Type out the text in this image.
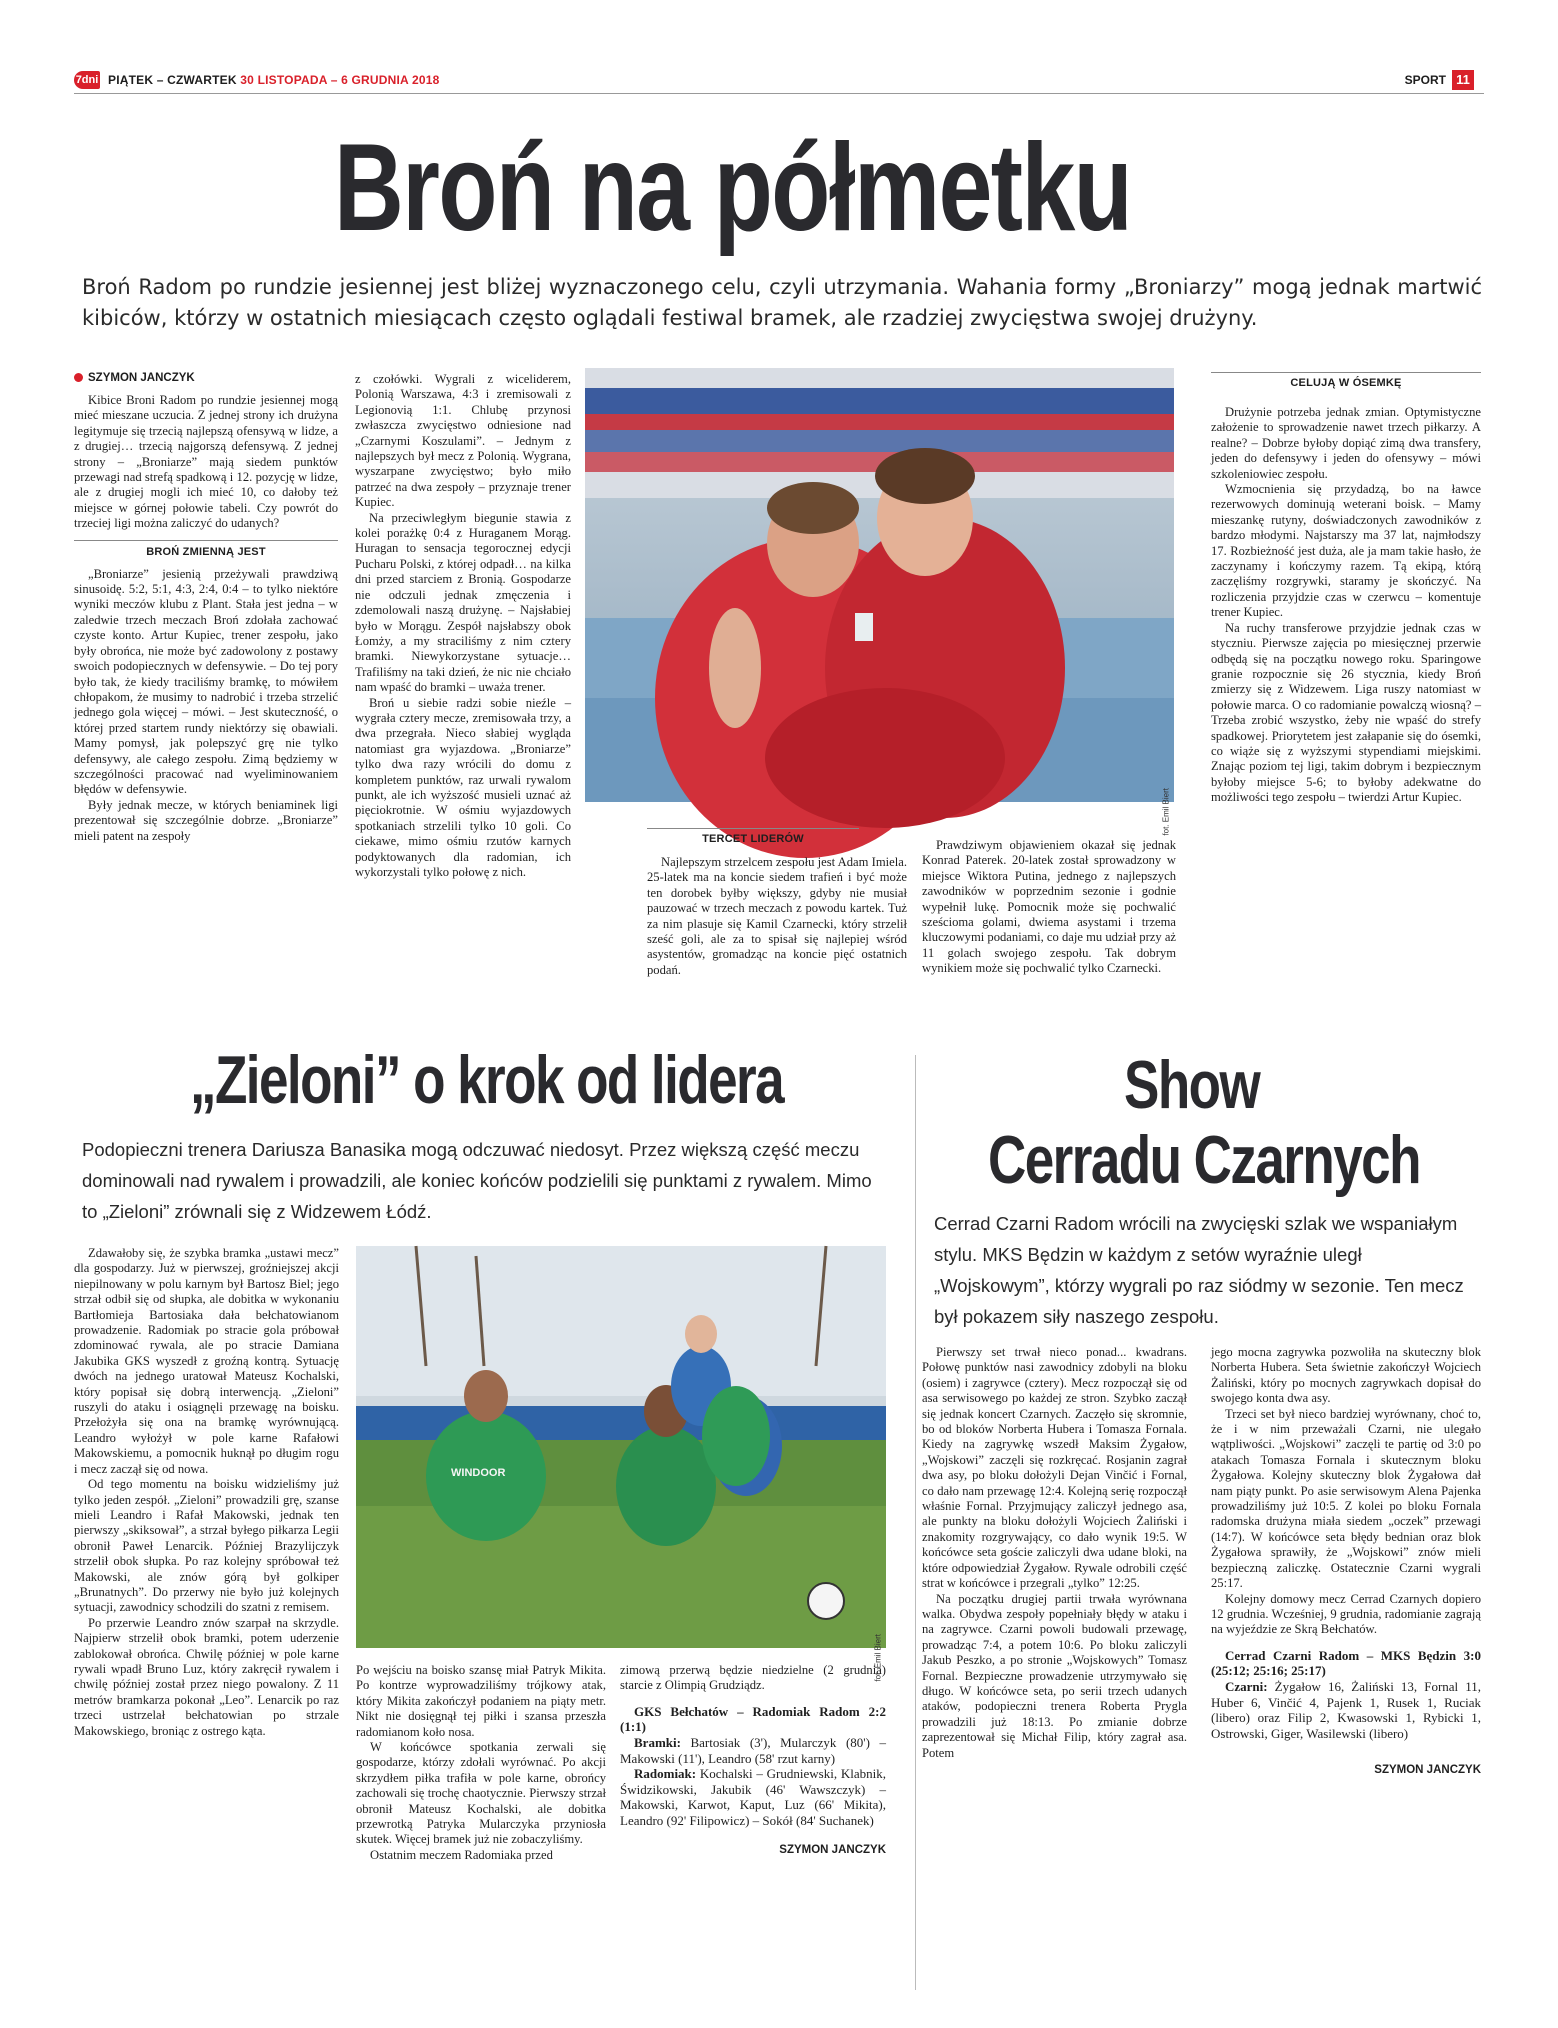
7dni PIĄTEK – CZWARTEK 30 LISTOPADA – 6 GRUDNIA 2018	SPORT 11
Broń na półmetku
Broń Radom po rundzie jesiennej jest bliżej wyznaczonego celu, czyli utrzymania. Wahania formy „Broniarzy” mogą jednak martwić kibiców, którzy w ostatnich miesiącach często oglądali festiwal bramek, ale rzadziej zwycięstwa swojej drużyny.
SZYMON JANCZYK

Kibice Broni Radom po rundzie jesiennej mogą mieć mieszane uczucia. Z jednej strony ich drużyna legitymuje się trzecią najlepszą ofensywą w lidze, a z drugiej… trzecią najgorszą defensywą. Z jednej strony – „Broniarze” mają siedem punktów przewagi nad strefą spadkową i 12. pozycję w lidze, ale z drugiej mogli ich mieć 10, co dałoby też miejsce w górnej połowie tabeli. Czy powrót do trzeciej ligi można zaliczyć do udanych?

BROŃ ZMIENNĄ JEST

„Broniarze” jesienią przeżywali prawdziwą sinusoidę. 5:2, 5:1, 4:3, 2:4, 0:4 – to tylko niektóre wyniki meczów klubu z Plant. Stała jest jedna – w zaledwie trzech meczach Broń zdołała zachować czyste konto. Artur Kupiec, trener zespołu, jako były obrońca, nie może być zadowolony z postawy swoich podopiecznych w defensywie. – Do tej pory było tak, że kiedy traciliśmy bramkę, to mówiłem chłopakom, że musimy to nadrobić i trzeba strzelić jednego gola więcej – mówi. – Jest skuteczność, o której przed startem rundy niektórzy się obawiali. Mamy pomysł, jak polepszyć grę nie tylko defensywy, ale całego zespołu. Zimą będziemy w szczególności pracować nad wyeliminowaniem błędów w defensywie.

Były jednak mecze, w których beniaminek ligi prezentował się szczególnie dobrze. „Broniarze” mieli patent na zespoły

z czołówki. Wygrali z wiceliderem, Polonią Warszawa, 4:3 i zremisowali z Legionovią 1:1. Chlubę przynosi zwłaszcza zwycięstwo odniesione nad „Czarnymi Koszulami”. – Jednym z najlepszych był mecz z Polonią. Wygrana, wyszarpane zwycięstwo; było miło patrzeć na dwa zespoły – przyznaje trener Kupiec.

Na przeciwległym biegunie stawia z kolei porażkę 0:4 z Huraganem Morąg. Huragan to sensacja tegorocznej edycji Pucharu Polski, z której odpadł… na kilka dni przed starciem z Bronią. Gospodarze nie odczuli jednak zmęczenia i zdemolowali naszą drużynę. – Najsłabiej było w Morągu. Zespół najsłabszy obok Łomży, a my straciliśmy z nim cztery bramki. Niewykorzystane sytuacje… Trafiliśmy na taki dzień, że nic nie chciało nam wpaść do bramki – uważa trener.

Broń u siebie radzi sobie nieźle – wygrała cztery mecze, zremisowała trzy, a dwa przegrała. Nieco słabiej wygląda natomiast gra wyjazdowa. „Broniarze” tylko dwa razy wrócili do domu z kompletem punktów, raz urwali rywalom punkt, ale ich wyższość musieli uznać aż pięciokrotnie. W ośmiu wyjazdowych spotkaniach strzelili tylko 10 goli. Co ciekawe, mimo ośmiu rzutów karnych podyktowanych dla radomian, ich wykorzystali tylko połowę z nich.

fot. Emil Biert
TERCET LIDERÓW

Najlepszym strzelcem zespołu jest Adam Imiela. 25-latek ma na koncie siedem trafień i być może ten dorobek byłby większy, gdyby nie musiał pauzować w trzech meczach z powodu kartek. Tuż za nim plasuje się Kamil Czarnecki, który strzelił sześć goli, ale za to spisał się najlepiej wśród asystentów, gromadząc na koncie pięć ostatnich podań.

Prawdziwym objawieniem okazał się jednak Konrad Paterek. 20-latek został sprowadzony w miejsce Wiktora Putina, jednego z najlepszych zawodników w poprzednim sezonie i godnie wypełnił lukę. Pomocnik może się pochwalić sześcioma golami, dwiema asystami i trzema kluczowymi podaniami, co daje mu udział przy aż 11 golach swojego zespołu. Tak dobrym wynikiem może się pochwalić tylko Czarnecki.

CELUJĄ W ÓSEMKĘ

Drużynie potrzeba jednak zmian. Optymistyczne założenie to sprowadzenie nawet trzech piłkarzy. A realne? – Dobrze byłoby dopiąć zimą dwa transfery, jeden do defensywy i jeden do ofensywy – mówi szkoleniowiec zespołu.

Wzmocnienia się przydadzą, bo na ławce rezerwowych dominują weterani boisk. – Mamy mieszankę rutyny, doświadczonych zawodników z bardzo młodymi. Najstarszy ma 37 lat, najmłodszy 17. Rozbieżność jest duża, ale ja mam takie hasło, że zaczynamy i kończymy razem. Tą ekipą, którą zaczęliśmy rozgrywki, staramy je skończyć. Na rozliczenia przyjdzie czas w czerwcu – komentuje trener Kupiec.

Na ruchy transferowe przyjdzie jednak czas w styczniu. Pierwsze zajęcia po miesięcznej przerwie odbędą się na początku nowego roku. Sparingowe granie rozpocznie się 26 stycznia, kiedy Broń zmierzy się z Widzewem. Liga ruszy natomiast w połowie marca. O co radomianie powalczą wiosną? – Trzeba zrobić wszystko, żeby nie wpaść do strefy spadkowej. Priorytetem jest załapanie się do ósemki, co wiąże się z wyższymi stypendiami miejskimi. Znając poziom tej ligi, takim dobrym i bezpiecznym byłoby miejsce 5-6; to byłoby adekwatne do możliwości tego zespołu – twierdzi Artur Kupiec.

„Zieloni” o krok od lidera
Podopieczni trenera Dariusza Banasika mogą odczuwać niedosyt. Przez większą część meczu dominowali nad rywalem i prowadzili, ale koniec końców podzielili się punktami z rywalem. Mimo to „Zieloni” zrównali się z Widzewem Łódź.

Zdawałoby się, że szybka bramka „ustawi mecz” dla gospodarzy. Już w pierwszej, groźniejszej akcji niepilnowany w polu karnym był Bartosz Biel; jego strzał odbił się od słupka, ale dobitka w wykonaniu Bartłomieja Bartosiaka dała bełchatowianom prowadzenie. Radomiak po stracie gola próbował zdominować rywala, ale po stracie Damiana Jakubika GKS wyszedł z groźną kontrą. Sytuację dwóch na jednego uratował Mateusz Kochalski, który popisał się dobrą interwencją. „Zieloni” ruszyli do ataku i osiągnęli przewagę na boisku. Przełożyła się ona na bramkę wyrównującą. Leandro wyłożył w pole karne Rafałowi Makowskiemu, a pomocnik huknął po długim rogu i mecz zaczął się od nowa.

Od tego momentu na boisku widzieliśmy już tylko jeden zespół. „Zieloni” prowadzili grę, szanse mieli Leandro i Rafał Makowski, jednak ten pierwszy „skiksował”, a strzał byłego piłkarza Legii obronił Paweł Lenarcik. Później Brazylijczyk strzelił obok słupka. Po raz kolejny spróbował też Makowski, ale znów górą był golkiper „Brunatnych”. Do przerwy nie było już kolejnych sytuacji, zawodnicy schodzili do szatni z remisem.

Po przerwie Leandro znów szarpał na skrzydle. Najpierw strzelił obok bramki, potem uderzenie zablokował obrońca. Chwilę później w pole karne rywali wpadł Bruno Luz, który zakręcił rywalem i chwilę później został przez niego powalony. Z 11 metrów bramkarza pokonał „Leo”. Lenarcik po raz trzeci ustrzelał bełchatowian po strzale Makowskiego, broniąc z ostrego kąta.

WINDOOR
fot. Emil Biert

Po wejściu na boisko szansę miał Patryk Mikita. Po kontrze wyprowadziliśmy trójkowy atak, który Mikita zakończył podaniem na piąty metr. Nikt nie dosięgnął tej piłki i szansa przeszła radomianom koło nosa.

W końcówce spotkania zerwali się gospodarze, którzy zdołali wyrównać. Po akcji skrzydłem piłka trafiła w pole karne, obrońcy zachowali się trochę chaotycznie. Pierwszy strzał obronił Mateusz Kochalski, ale dobitka przewrotką Patryka Mularczyka przyniosła skutek. Więcej bramek już nie zobaczyliśmy.

Ostatnim meczem Radomiaka przed

zimową przerwą będzie niedzielne (2 grudnia) starcie z Olimpią Grudziądz.

GKS Bełchatów – Radomiak Radom 2:2 (1:1)
Bramki: Bartosiak (3'), Mularczyk (80') – Makowski (11'), Leandro (58' rzut karny)
Radomiak: Kochalski – Grudniewski, Klabnik, Świdzikowski, Jakubik (46' Wawszczyk) – Makowski, Karwot, Kaput, Luz (66' Mikita), Leandro (92' Filipowicz) – Sokół (84' Suchanek)
SZYMON JANCZYK
Show
Cerradu Czarnych
Cerrad Czarni Radom wrócili na zwycięski szlak we wspaniałym stylu. MKS Będzin w każdym z setów wyraźnie uległ „Wojskowym”, którzy wygrali po raz siódmy w sezonie. Ten mecz był pokazem siły naszego zespołu.

Pierwszy set trwał nieco ponad... kwadrans. Połowę punktów nasi zawodnicy zdobyli na bloku (osiem) i zagrywce (cztery). Mecz rozpoczął się od asa serwisowego po każdej ze stron. Szybko zaczął się jednak koncert Czarnych. Zaczęło się skromnie, bo od bloków Norberta Hubera i Tomasza Fornala. Kiedy na zagrywkę wszedł Maksim Żygałow, „Wojskowi” zaczęli się rozkręcać. Rosjanin zagrał dwa asy, po bloku dołożyli Dejan Vinčić i Fornal, co dało nam przewagę 12:4. Kolejną serię rozpoczął właśnie Fornal. Przyjmujący zaliczył jednego asa, ale punkty na bloku dołożyli Wojciech Żaliński i znakomity rozgrywający, co dało wynik 19:5. W końcówce seta goście zaliczyli dwa udane bloki, na które odpowiedział Żygałow. Rywale odrobili część strat w końcówce i przegrali „tylko” 12:25.

Na początku drugiej partii trwała wyrównana walka. Obydwa zespoły popełniały błędy w ataku i na zagrywce. Czarni powoli budowali przewagę, prowadząc 7:4, a potem 10:6. Po bloku zaliczyli Jakub Peszko, a po stronie „Wojskowych” Tomasz Fornal. Bezpieczne prowadzenie utrzymywało się długo. W końcówce seta, po serii trzech udanych ataków, podopieczni trenera Roberta Prygla prowadzili już 18:13. Po zmianie dobrze zaprezentował się Michał Filip, który zagrał asa. Potem

jego mocna zagrywka pozwoliła na skuteczny blok Norberta Hubera. Seta świetnie zakończył Wojciech Żaliński, który po mocnych zagrywkach dopisał do swojego konta dwa asy.

Trzeci set był nieco bardziej wyrównany, choć to, że i w nim przeważali Czarni, nie ulegało wątpliwości. „Wojskowi” zaczęli te partię od 3:0 po atakach Tomasza Fornala i skutecznym bloku Żygałowa. Kolejny skuteczny blok Żygałowa dał nam piąty punkt. Po asie serwisowym Alena Pajenka prowadziliśmy już 10:5. Z kolei po bloku Fornala radomska drużyna miała siedem „oczek” przewagi (14:7). W końcówce seta błędy bednian oraz blok Żygałowa sprawiły, że „Wojskowi” znów mieli bezpieczną zaliczkę. Ostatecznie Czarni wygrali 25:17.

Kolejny domowy mecz Cerrad Czarnych dopiero 12 grudnia. Wcześniej, 9 grudnia, radomianie zagrają na wyjeździe ze Skrą Bełchatów.

Cerrad Czarni Radom – MKS Będzin 3:0 (25:12; 25:16; 25:17)
Czarni: Żygałow 16, Żaliński 13, Fornal 11, Huber 6, Vinčić 4, Pajenk 1, Rusek 1, Ruciak (libero) oraz Filip 2, Kwasowski 1, Rybicki 1, Ostrowski, Giger, Wasilewski (libero)
SZYMON JANCZYK
